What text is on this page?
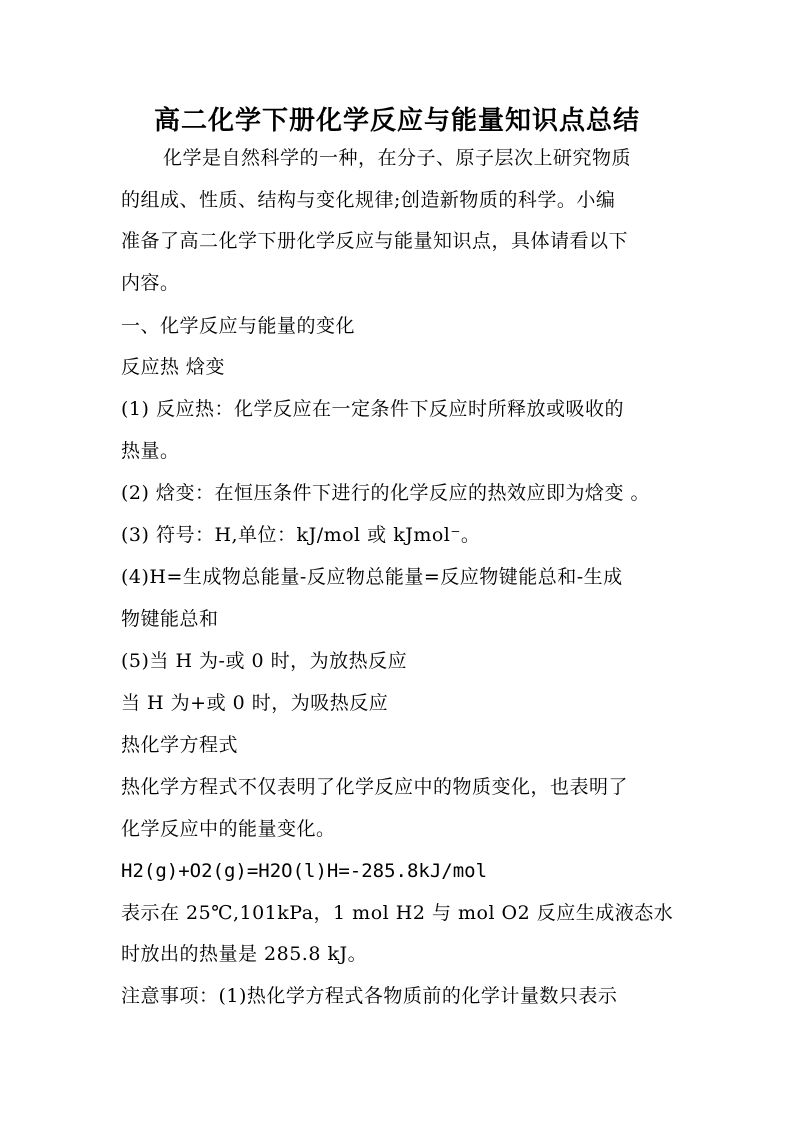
高二化学下册化学反应与能量知识点总结
化学是自然科学的一种，在分子、原子层次上研究物质
的组成、性质、结构与变化规律;创造新物质的科学。小编
准备了高二化学下册化学反应与能量知识点，具体请看以下
内容。
一、化学反应与能量的变化
反应热 焓变
(1) 反应热：化学反应在一定条件下反应时所释放或吸收的
热量。
(2) 焓变：在恒压条件下进行的化学反应的热效应即为焓变 。
(3) 符号：H,单位：kJ/mol 或 kJmol⁻。
(4)H=生成物总能量-反应物总能量=反应物键能总和-生成
物键能总和
(5)当 H 为-或 0 时，为放热反应
当 H 为+或 0 时，为吸热反应
热化学方程式
热化学方程式不仅表明了化学反应中的物质变化，也表明了
化学反应中的能量变化。
H2(g)+O2(g)=H2O(l)H=-285.8kJ/mol
表示在 25℃,101kPa，1 mol H2 与 mol O2 反应生成液态水
时放出的热量是 285.8 kJ。
注意事项：(1)热化学方程式各物质前的化学计量数只表示
